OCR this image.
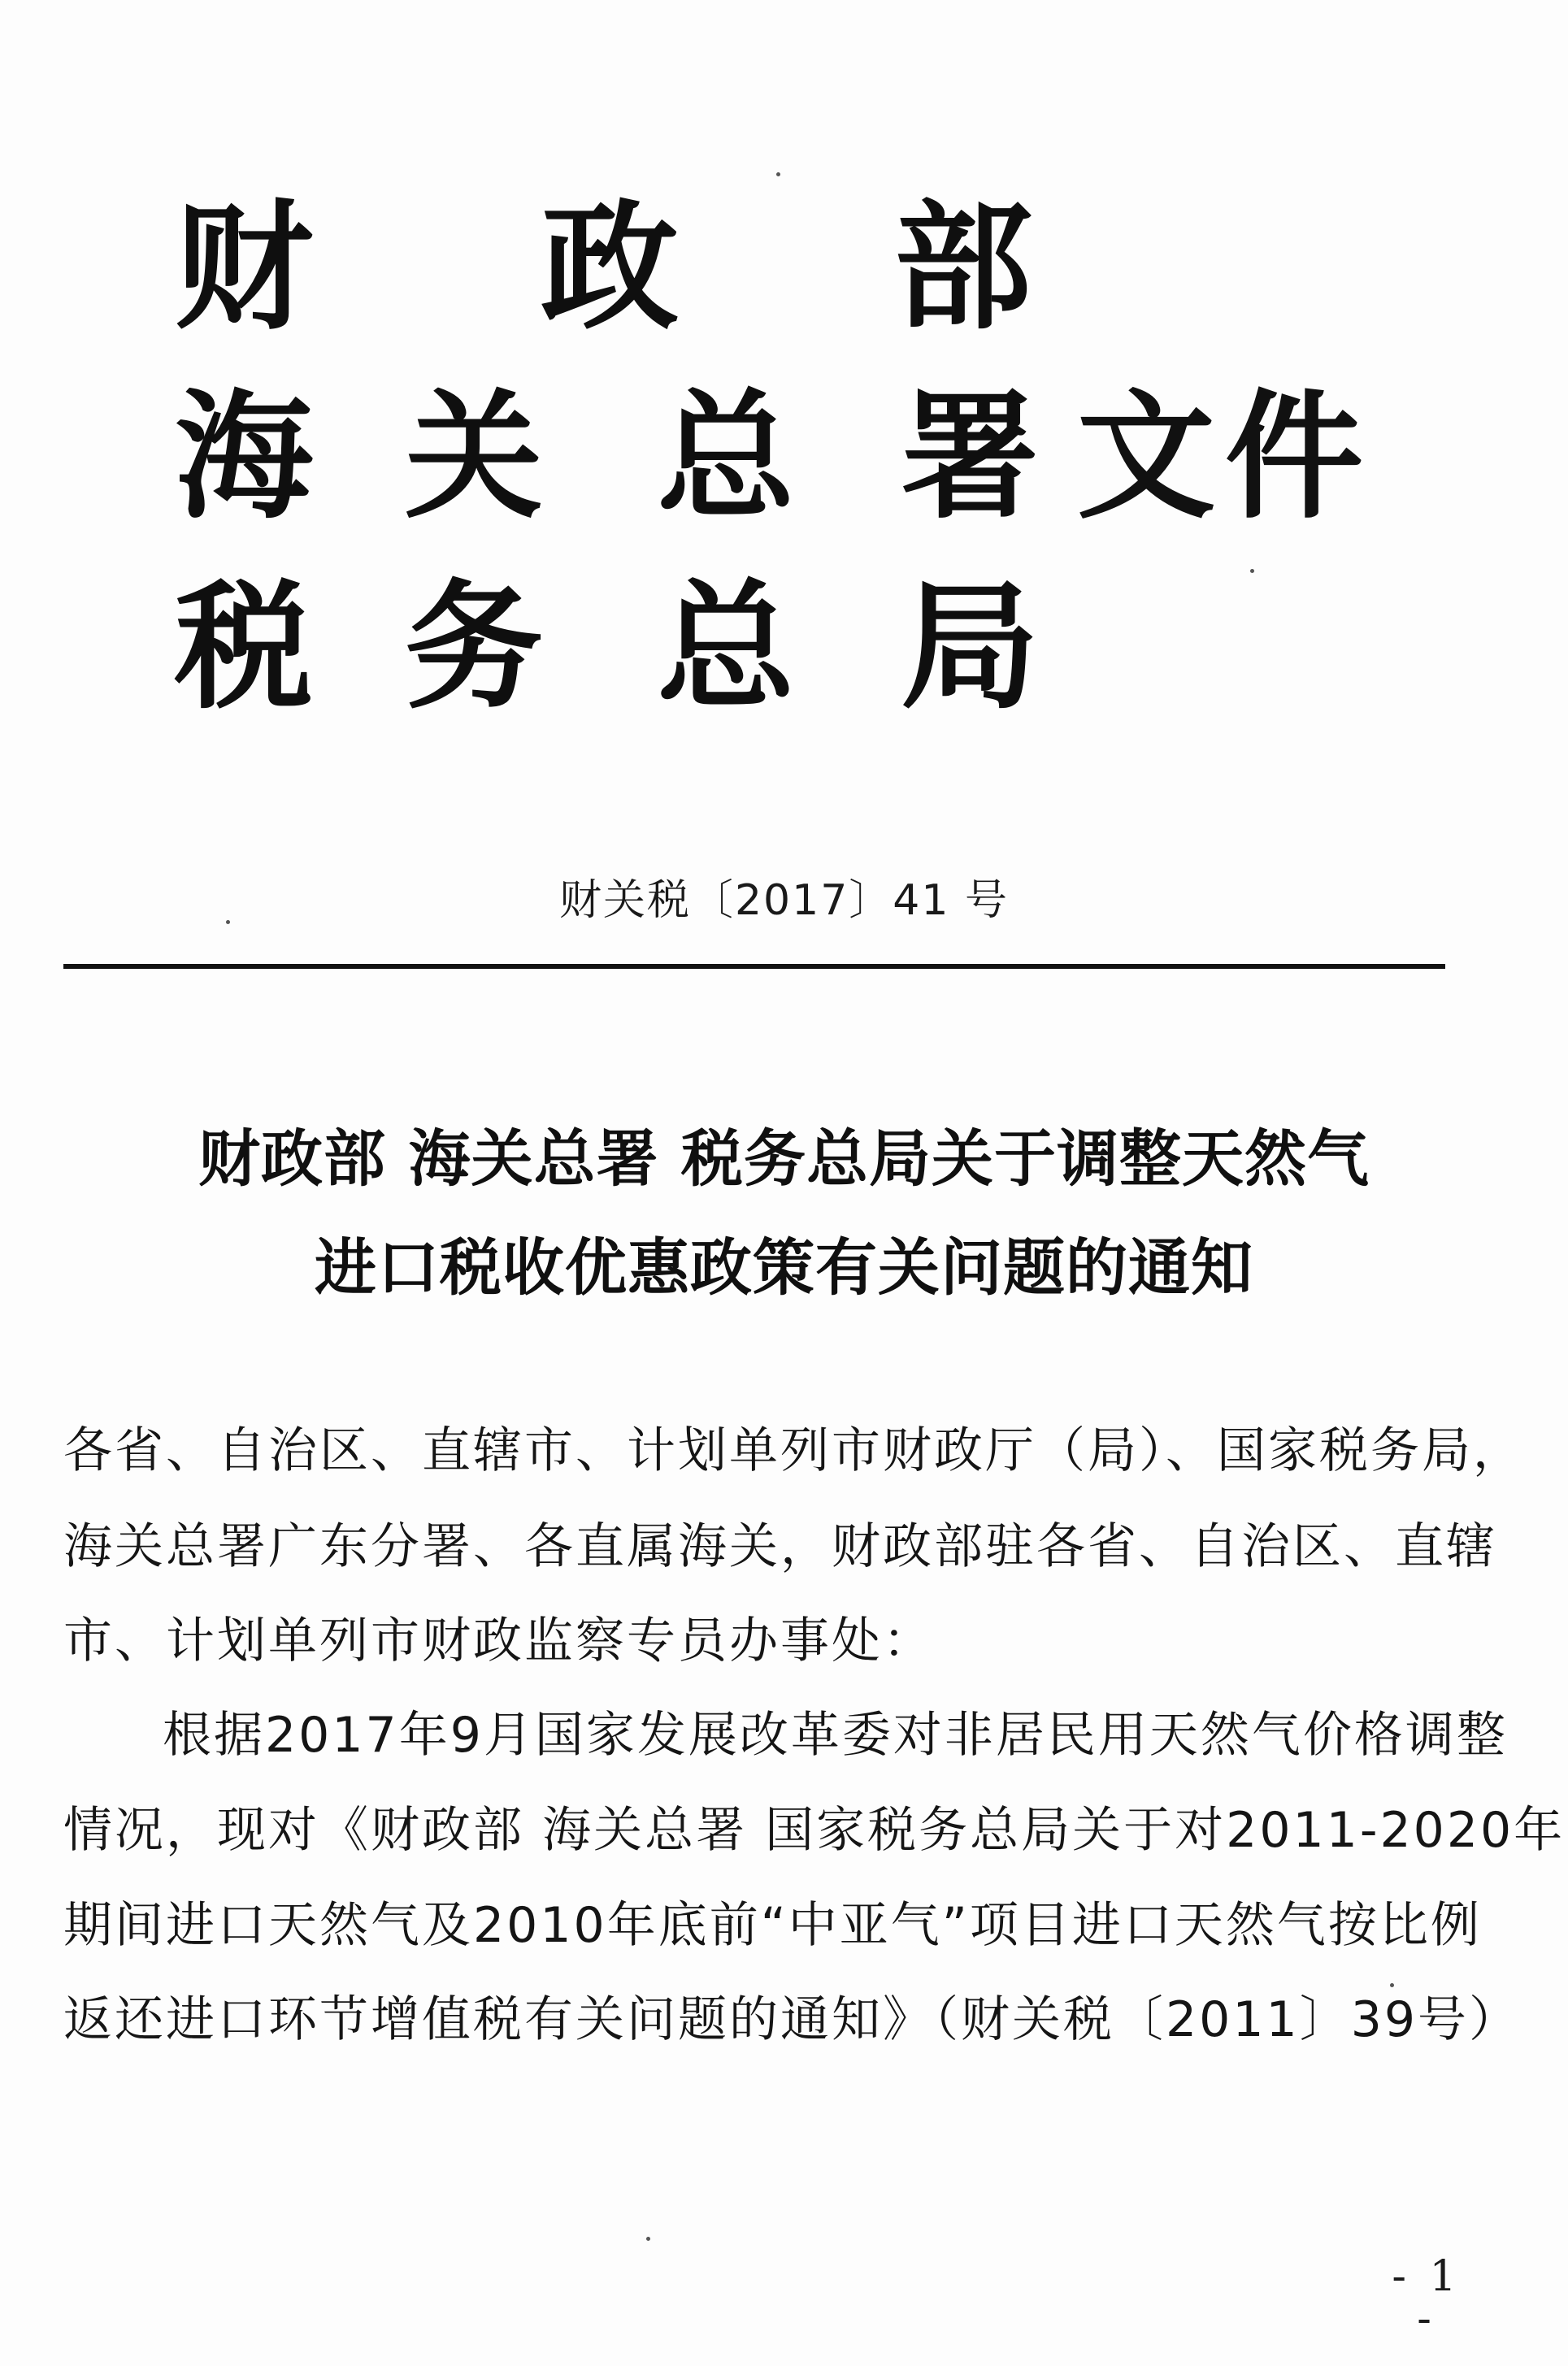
财 政 部
海 关 总 署 文件
税 务 总 局
财关税〔2017〕41 号
财政部 海关总署 税务总局关于调整天然气
进口税收优惠政策有关问题的通知
各省、自治区、直辖市、计划单列市财政厅（局）、国家税务局，
海关总署广东分署、各直属海关，财政部驻各省、自治区、直辖
市、计划单列市财政监察专员办事处：
根据2017年9月国家发展改革委对非居民用天然气价格调整
情况，现对《财政部 海关总署 国家税务总局关于对2011-2020年
期间进口天然气及2010年底前“中亚气”项目进口天然气按比例
返还进口环节增值税有关问题的通知》（财关税〔2011〕39号）
- 1 -
